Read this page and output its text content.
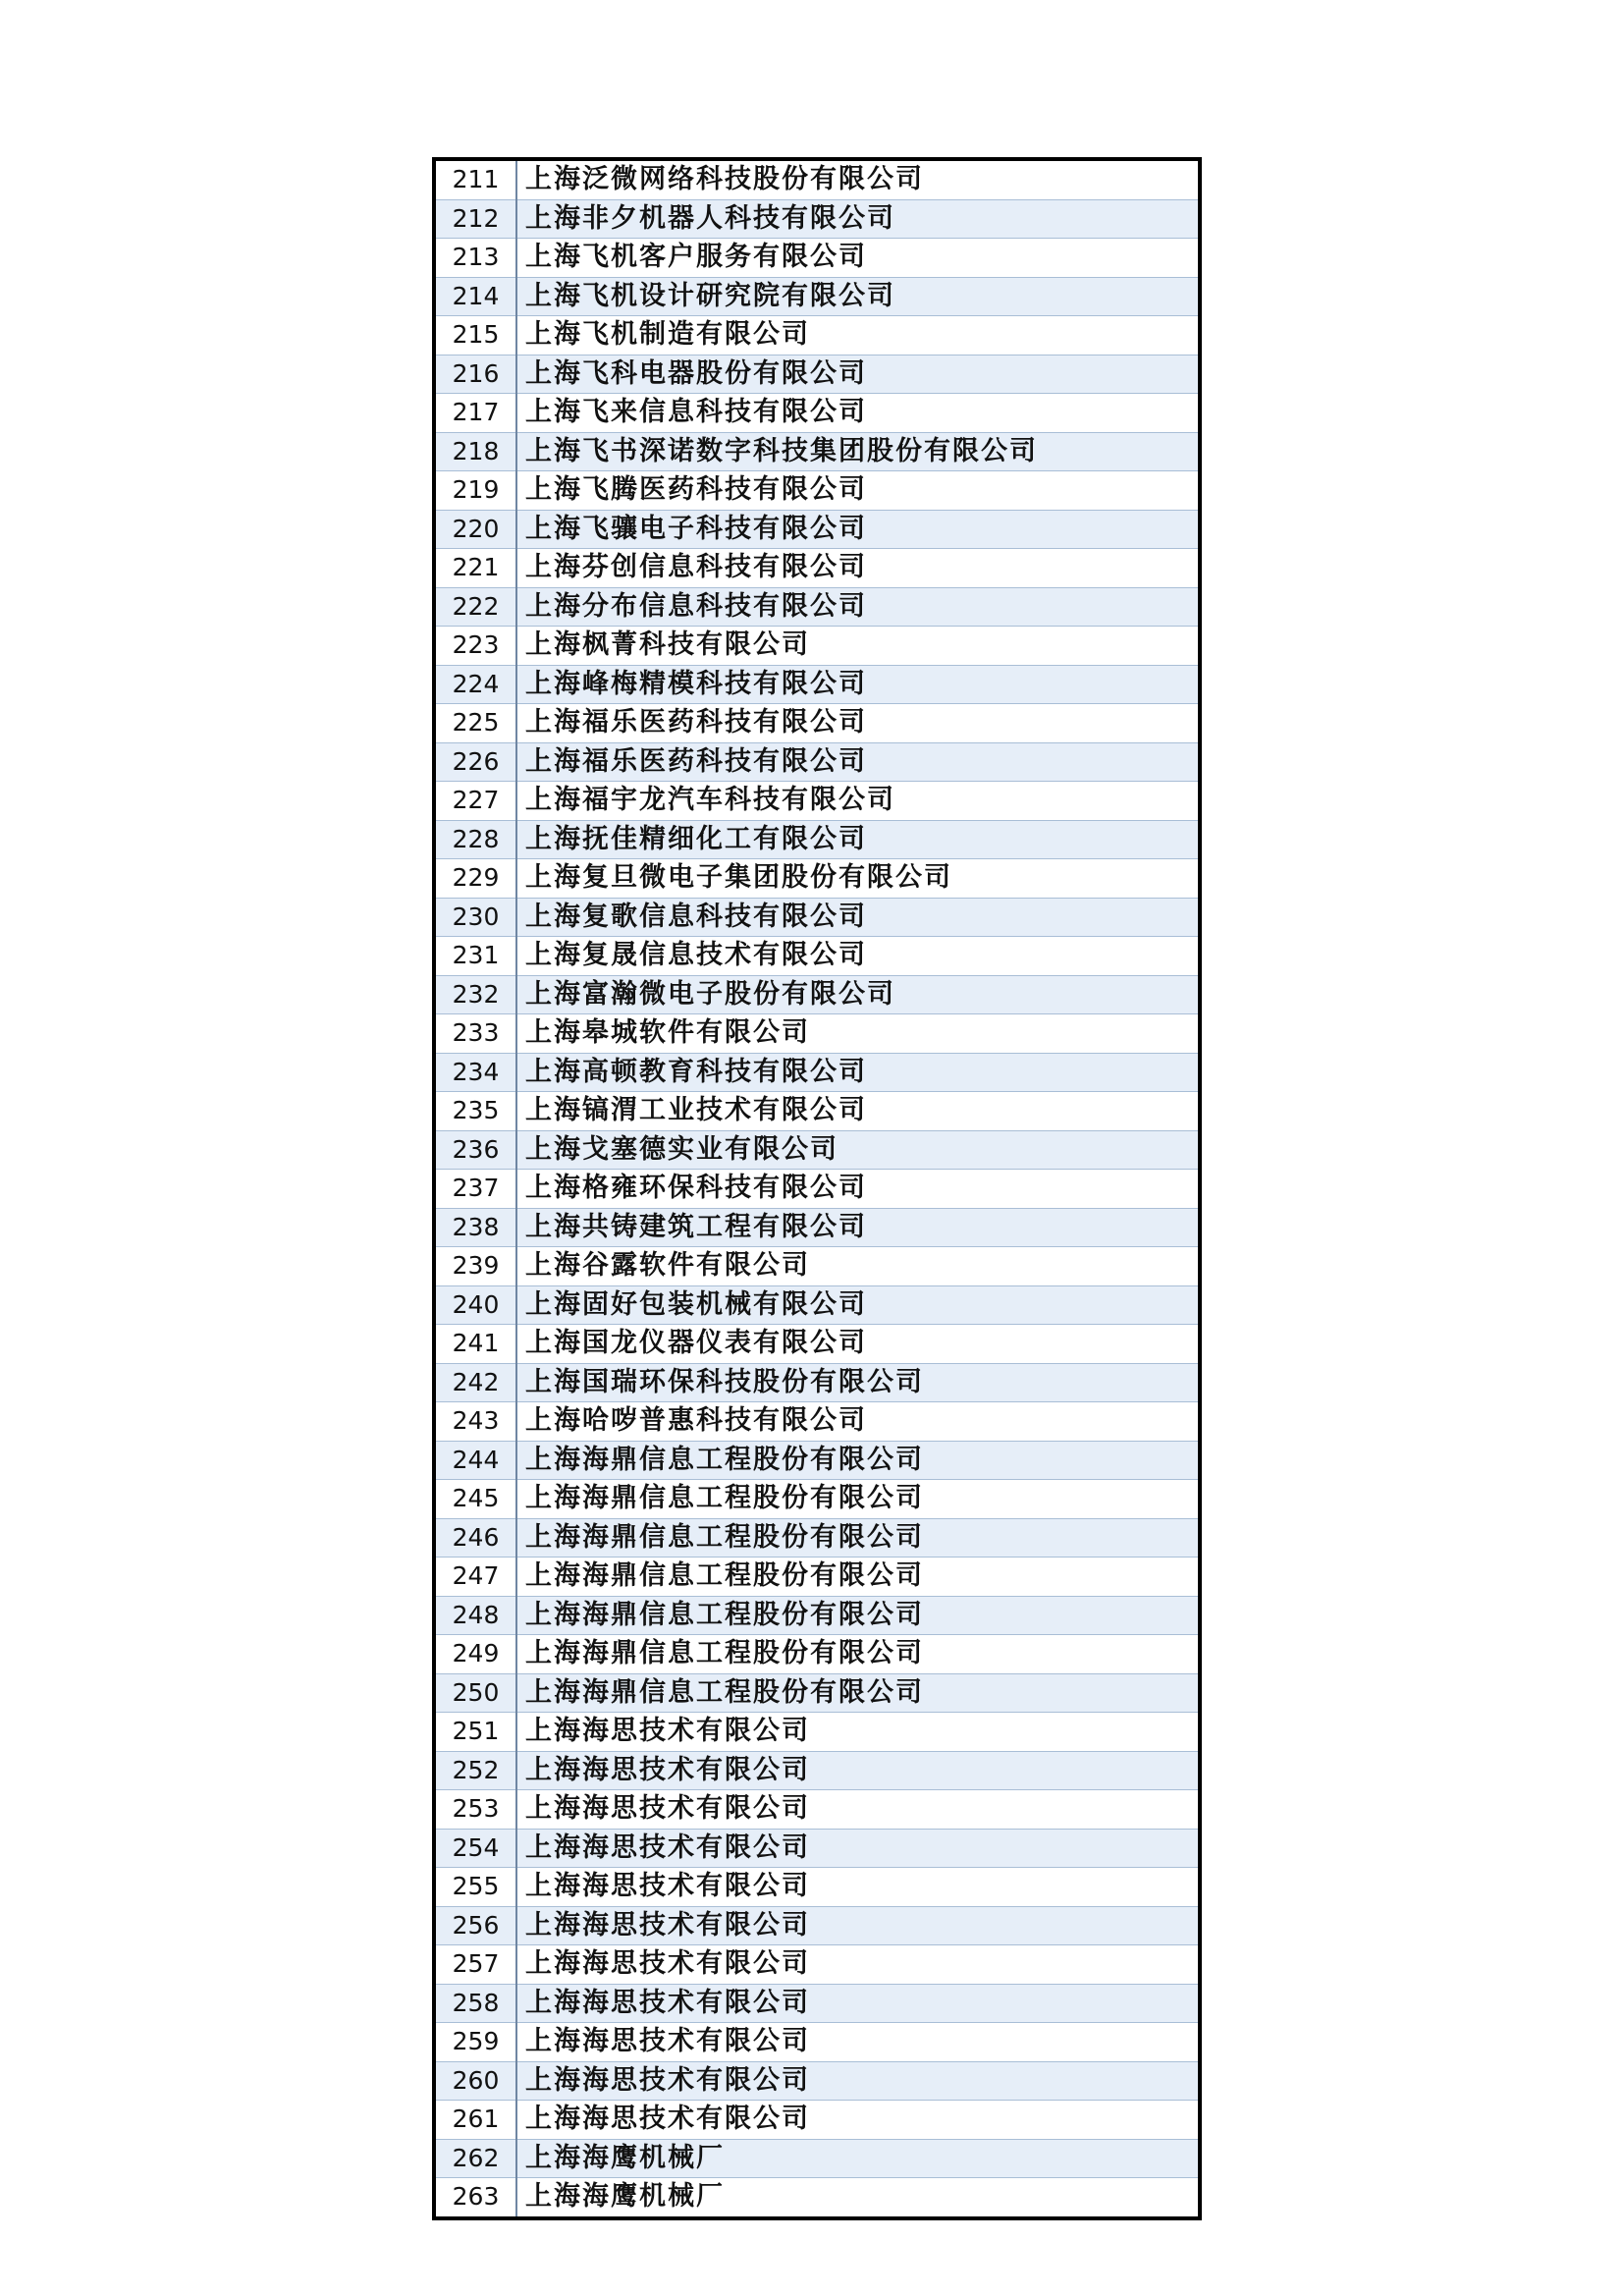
211	上海泛微网络科技股份有限公司
212	上海非夕机器人科技有限公司
213	上海飞机客户服务有限公司
214	上海飞机设计研究院有限公司
215	上海飞机制造有限公司
216	上海飞科电器股份有限公司
217	上海飞来信息科技有限公司
218	上海飞书深诺数字科技集团股份有限公司
219	上海飞腾医药科技有限公司
220	上海飞骧电子科技有限公司
221	上海芬创信息科技有限公司
222	上海分布信息科技有限公司
223	上海枫菁科技有限公司
224	上海峰梅精模科技有限公司
225	上海福乐医药科技有限公司
226	上海福乐医药科技有限公司
227	上海福宇龙汽车科技有限公司
228	上海抚佳精细化工有限公司
229	上海复旦微电子集团股份有限公司
230	上海复歌信息科技有限公司
231	上海复晟信息技术有限公司
232	上海富瀚微电子股份有限公司
233	上海皋城软件有限公司
234	上海高顿教育科技有限公司
235	上海镐渭工业技术有限公司
236	上海戈塞德实业有限公司
237	上海格雍环保科技有限公司
238	上海共铸建筑工程有限公司
239	上海谷露软件有限公司
240	上海固好包装机械有限公司
241	上海国龙仪器仪表有限公司
242	上海国瑞环保科技股份有限公司
243	上海哈哕普惠科技有限公司
244	上海海鼎信息工程股份有限公司
245	上海海鼎信息工程股份有限公司
246	上海海鼎信息工程股份有限公司
247	上海海鼎信息工程股份有限公司
248	上海海鼎信息工程股份有限公司
249	上海海鼎信息工程股份有限公司
250	上海海鼎信息工程股份有限公司
251	上海海思技术有限公司
252	上海海思技术有限公司
253	上海海思技术有限公司
254	上海海思技术有限公司
255	上海海思技术有限公司
256	上海海思技术有限公司
257	上海海思技术有限公司
258	上海海思技术有限公司
259	上海海思技术有限公司
260	上海海思技术有限公司
261	上海海思技术有限公司
262	上海海鹰机械厂
263	上海海鹰机械厂
